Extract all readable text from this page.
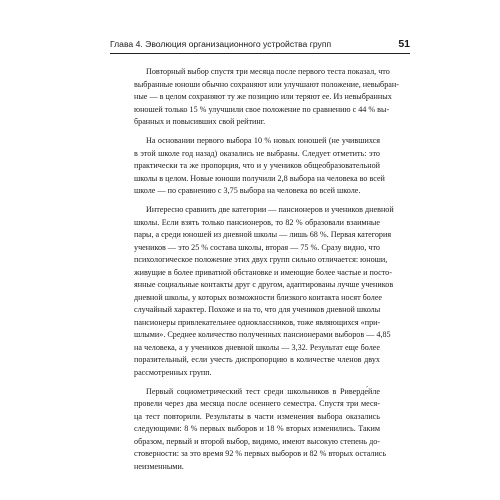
Глава 4. Эволюция организационного устройства групп	51
Повторный выбор спустя три месяца после первого теста показал, что
выбранные юноши обычно сохраняют или улучшают положение, невыбран-
ные — в целом сохраняют ту же позицию или теряют ее. Из невыбранных
юношей только 15 % улучшили свое положение по сравнению с 44 % вы-
бранных и повысивших свой рейтинг.
На основании первого выбора 10 % новых юношей (не учившихся
в этой школе год назад) оказались не выбраны. Следует отметить: это
практически та же пропорция, что и у учеников общеобразовательной
школы в целом. Новые юноши получили 2,8 выбора на человека во всей
школе — по сравнению с 3,75 выбора на человека во всей школе.
Интересно сравнить две категории — пансионеров и учеников дневной
школы. Если взять только пансионеров, то 82 % образовали взаимные
пары, а среди юношей из дневной школы — лишь 68 %. Первая категория
учеников — это 25 % состава школы, вторая — 75 %. Сразу видно, что
психологическое положение этих двух групп сильно отличается: юноши,
живущие в более приватной обстановке и имеющие более частые и посто-
янные социальные контакты друг с другом, адаптированы лучше учеников
дневной школы, у которых возможности близкого контакта носят более
случайный характер. Похоже и на то, что для учеников дневной школы
пансионеры привлекательнее одноклассников, тоже являющихся «при-
шлыми». Среднее количество полученных пансионерами выборов — 4,85
на человека, а у учеников дневной школы — 3,32. Результат еще более
поразительный, если учесть диспропорцию в количестве членов двух
рассмотренных групп.
Первый социометрический тест среди школьников в Риверде́йле
провели через два месяца после осеннего семестра. Спустя три меся-
ца тест повторили. Результаты в части изменения выбора оказались
следующими: 8 % первых выборов и 18 % вторых изменились. Таким
образом, первый и второй выбор, видимо, имеют высокую степень до-
стоверности: за это время 92 % первых выборов и 82 % вторых остались
неизменными.
